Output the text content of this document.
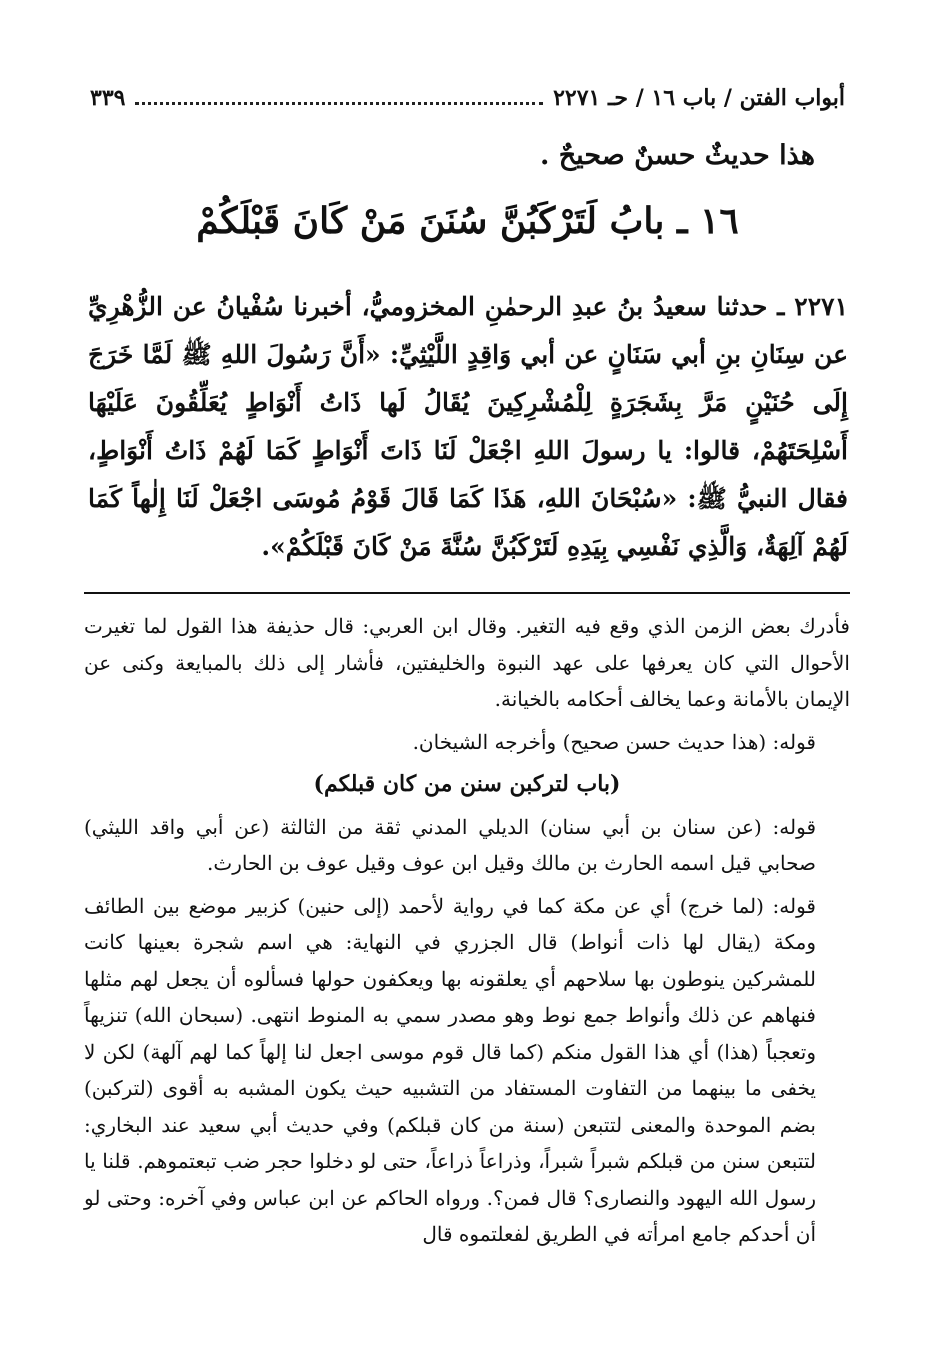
أبواب الفتن / باب ١٦ / حـ ٢٢٧١
٣٣٩
هذا حديثٌ حسنٌ صحيحٌ .
١٦ ـ بابُ لَتَرْكَبُنَّ سُنَنَ مَنْ كَانَ قَبْلَكُمْ
٢٢٧١ ـ حدثنا سعيدُ بنُ عبدِ الرحمٰنِ المخزوميُّ، أخبرنا سُفْيانُ عن الزُّهْرِيِّ عن سِنَانِ بنِ أبي سَنَانٍ عن أبي وَاقِدٍ اللَّيْثِيِّ: «أَنَّ رَسُولَ اللهِ ﷺ لَمَّا خَرَجَ إِلَى حُنَيْنٍ مَرَّ بِشَجَرَةٍ لِلْمُشْرِكِينَ يُقَالُ لَها ذَاتُ أَنْوَاطٍ يُعَلِّقُونَ عَلَيْهَا أَسْلِحَتَهُمْ، قالوا: يا رسولَ اللهِ اجْعَلْ لَنَا ذَاتَ أَنْوَاطٍ كَمَا لَهُمْ ذَاتُ أَنْوَاطٍ، فقال النبيُّ ﷺ: «سُبْحَانَ اللهِ، هَذَا كَمَا قَالَ قَوْمُ مُوسَى اجْعَلْ لَنَا إِلٰهاً كَمَا لَهُمْ آلِهَةٌ، وَالَّذِي نَفْسِي بِيَدِهِ لَتَرْكَبُنَّ سُنَّةَ مَنْ كَانَ قَبْلَكُمْ».

فأدرك بعض الزمن الذي وقع فيه التغير. وقال ابن العربي: قال حذيفة هذا القول لما تغيرت الأحوال التي كان يعرفها على عهد النبوة والخليفتين، فأشار إلى ذلك بالمبايعة وكنى عن الإيمان بالأمانة وعما يخالف أحكامه بالخيانة.

قوله: (هذا حديث حسن صحيح) وأخرجه الشيخان.

(باب لتركبن سنن من كان قبلكم)

قوله: (عن سنان بن أبي سنان) الديلي المدني ثقة من الثالثة (عن أبي واقد الليثي) صحابي قيل اسمه الحارث بن مالك وقيل ابن عوف وقيل عوف بن الحارث.

قوله: (لما خرج) أي عن مكة كما في رواية لأحمد (إلى حنين) كزبير موضع بين الطائف ومكة (يقال لها ذات أنواط) قال الجزري في النهاية: هي اسم شجرة بعينها كانت للمشركين ينوطون بها سلاحهم أي يعلقونه بها ويعكفون حولها فسألوه أن يجعل لهم مثلها فنهاهم عن ذلك وأنواط جمع نوط وهو مصدر سمي به المنوط انتهى. (سبحان الله) تنزيهاً وتعجباً (هذا) أي هذا القول منكم (كما قال قوم موسى اجعل لنا إلهاً كما لهم آلهة) لكن لا يخفى ما بينهما من التفاوت المستفاد من التشبيه حيث يكون المشبه به أقوى (لتركبن) بضم الموحدة والمعنى لتتبعن (سنة من كان قبلكم) وفي حديث أبي سعيد عند البخاري: لتتبعن سنن من قبلكم شبراً شبراً، وذراعاً ذراعاً، حتى لو دخلوا حجر ضب تبعتموهم. قلنا يا رسول الله اليهود والنصارى؟ قال فمن؟. ورواه الحاكم عن ابن عباس وفي آخره: وحتى لو أن أحدكم جامع امرأته في الطريق لفعلتموه قال
